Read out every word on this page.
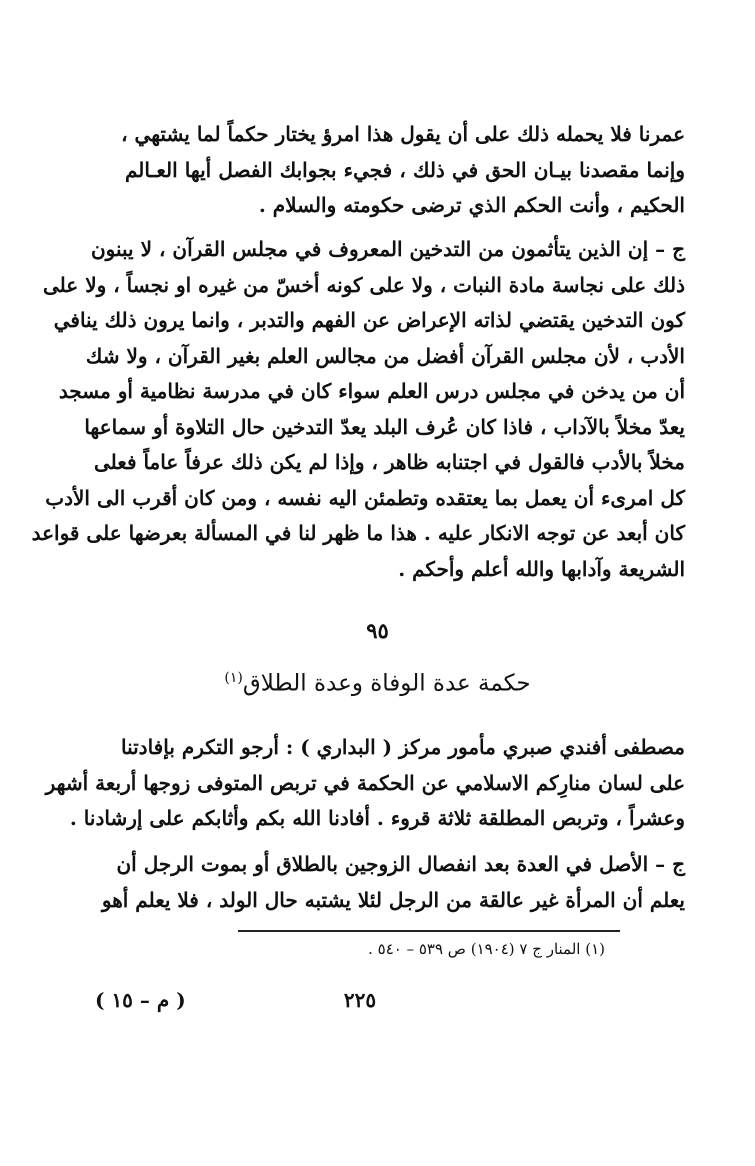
عمرنا فلا يحمله ذلك على أن يقول هذا امرؤ يختار حكماً لما يشتهي ،
وإنما مقصدنا بيـان الحق في ذلك ، فجيء بجوابك الفصل أيها العـالم
الحكيم ، وأنت الحكم الذي ترضى حكومته والسلام .
ج – إن الذين يتأثمون من التدخين المعروف في مجلس القرآن ، لا يبنون
ذلك على نجاسة مادة النبات ، ولا على كونه أخسّ من غيره او نجساً ، ولا على
كون التدخين يقتضي لذاته الإعراض عن الفهم والتدبر ، وانما يرون ذلك ينافي
الأدب ، لأن مجلس القرآن أفضل من مجالس العلم بغير القرآن ، ولا شك
أن من يدخن في مجلس درس العلم سواء كان في مدرسة نظامية أو مسجد
يعدّ مخلاً بالآداب ، فاذا كان عُرف البلد يعدّ التدخين حال التلاوة أو سماعها
مخلاً بالأدب فالقول في اجتنابه ظاهر ، وإذا لم يكن ذلك عرفاً عاماً فعلى
كل امرىء أن يعمل بما يعتقده وتطمئن اليه نفسه ، ومن كان أقرب الى الأدب
كان أبعد عن توجه الانكار عليه . هذا ما ظهر لنا في المسألة بعرضها على قواعد
الشريعة وآدابها والله أعلم وأحكم .
٩٥
حكمة عدة الوفاة وعدة الطلاق$^{(١)}$
مصطفى أفندي صبري مأمور مركز ( البداري ) : أرجو التكرم بإفادتنا
على لسان منارِكم الاسلامي عن الحكمة في تربص المتوفى زوجها أربعة أشهر
وعشراً ، وتربص المطلقة ثلاثة قروء . أفادنا الله بكم وأثابكم على إرشادنا .
ج – الأصل في العدة بعد انفصال الزوجين بالطلاق أو بموت الرجل أن
يعلم أن المرأة غير عالقة من الرجل لئلا يشتبه حال الولد ، فلا يعلم أهو
(١) المنار ج ٧ (١٩٠٤) ص ٥٣٩ – ٥٤٠ .
٢٢٥
( م – ١٥ )
